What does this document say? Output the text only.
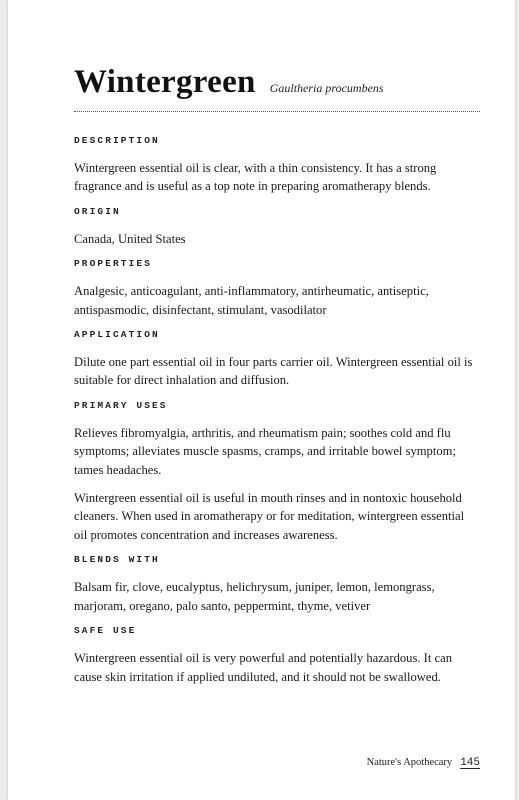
Wintergreen Gaultheria procumbens
DESCRIPTION

Wintergreen essential oil is clear, with a thin consistency. It has a strong fragrance and is useful as a top note in preparing aromatherapy blends.

ORIGIN

Canada, United States

PROPERTIES

Analgesic, anticoagulant, anti-inflammatory, antirheumatic, antiseptic, antispasmodic, disinfectant, stimulant, vasodilator

APPLICATION

Dilute one part essential oil in four parts carrier oil. Wintergreen essential oil is suitable for direct inhalation and diffusion.

PRIMARY USES

Relieves fibromyalgia, arthritis, and rheumatism pain; soothes cold and flu symptoms; alleviates muscle spasms, cramps, and irritable bowel symptom; tames headaches.

Wintergreen essential oil is useful in mouth rinses and in nontoxic household cleaners. When used in aromatherapy or for meditation, wintergreen essential oil promotes concentration and increases awareness.

BLENDS WITH

Balsam fir, clove, eucalyptus, helichrysum, juniper, lemon, lemongrass, marjoram, oregano, palo santo, peppermint, thyme, vetiver

SAFE USE

Wintergreen essential oil is very powerful and potentially hazardous. It can cause skin irritation if applied undiluted, and it should not be swallowed.

Nature's Apothecary 145
